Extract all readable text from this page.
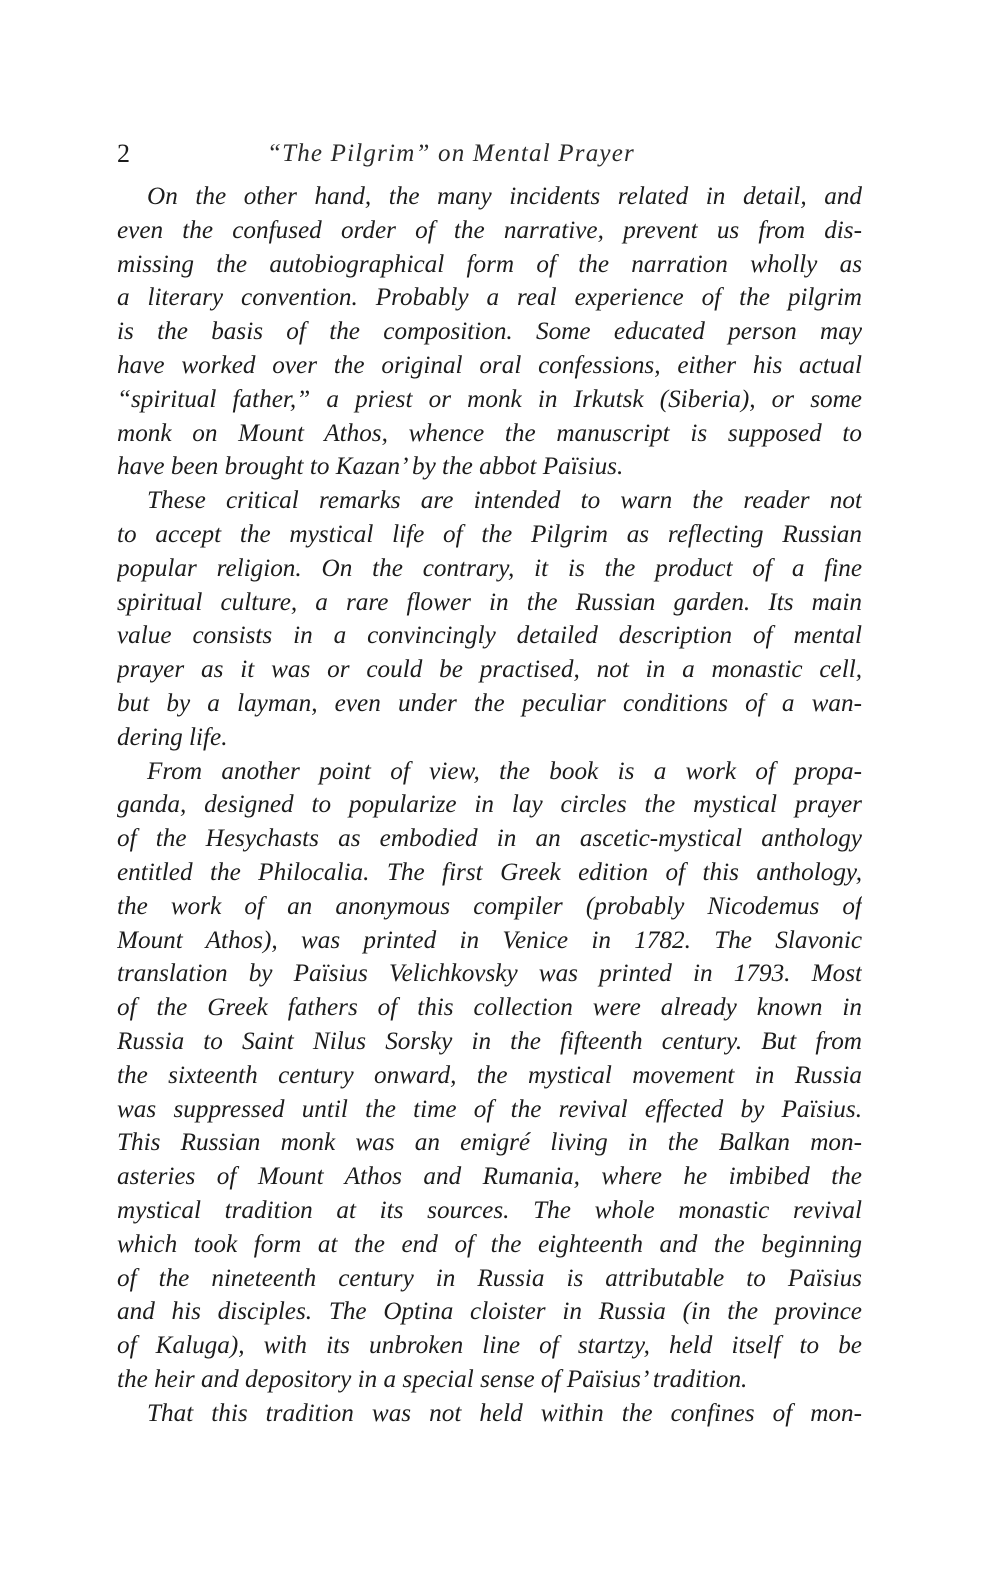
2	“The Pilgrim” on Mental Prayer
On the other hand, the many incidents related in detail, and
even the confused order of the narrative, prevent us from dis-
missing the autobiographical form of the narration wholly as
a literary convention. Probably a real experience of the pilgrim
is the basis of the composition. Some educated person may
have worked over the original oral confessions, either his actual
“spiritual father,” a priest or monk in Irkutsk (Siberia), or some
monk on Mount Athos, whence the manuscript is supposed to
have been brought to Kazan’ by the abbot Païsius.
These critical remarks are intended to warn the reader not
to accept the mystical life of the Pilgrim as reflecting Russian
popular religion. On the contrary, it is the product of a fine
spiritual culture, a rare flower in the Russian garden. Its main
value consists in a convincingly detailed description of mental
prayer as it was or could be practised, not in a monastic cell,
but by a layman, even under the peculiar conditions of a wan-
dering life.
From another point of view, the book is a work of propa-
ganda, designed to popularize in lay circles the mystical prayer
of the Hesychasts as embodied in an ascetic-mystical anthology
entitled the Philocalia. The first Greek edition of this anthology,
the work of an anonymous compiler (probably Nicodemus of
Mount Athos), was printed in Venice in 1782. The Slavonic
translation by Païsius Velichkovsky was printed in 1793. Most
of the Greek fathers of this collection were already known in
Russia to Saint Nilus Sorsky in the fifteenth century. But from
the sixteenth century onward, the mystical movement in Russia
was suppressed until the time of the revival effected by Païsius.
This Russian monk was an emigré living in the Balkan mon-
asteries of Mount Athos and Rumania, where he imbibed the
mystical tradition at its sources. The whole monastic revival
which took form at the end of the eighteenth and the beginning
of the nineteenth century in Russia is attributable to Païsius
and his disciples. The Optina cloister in Russia (in the province
of Kaluga), with its unbroken line of startzy, held itself to be
the heir and depository in a special sense of Païsius’ tradition.
That this tradition was not held within the confines of mon-
